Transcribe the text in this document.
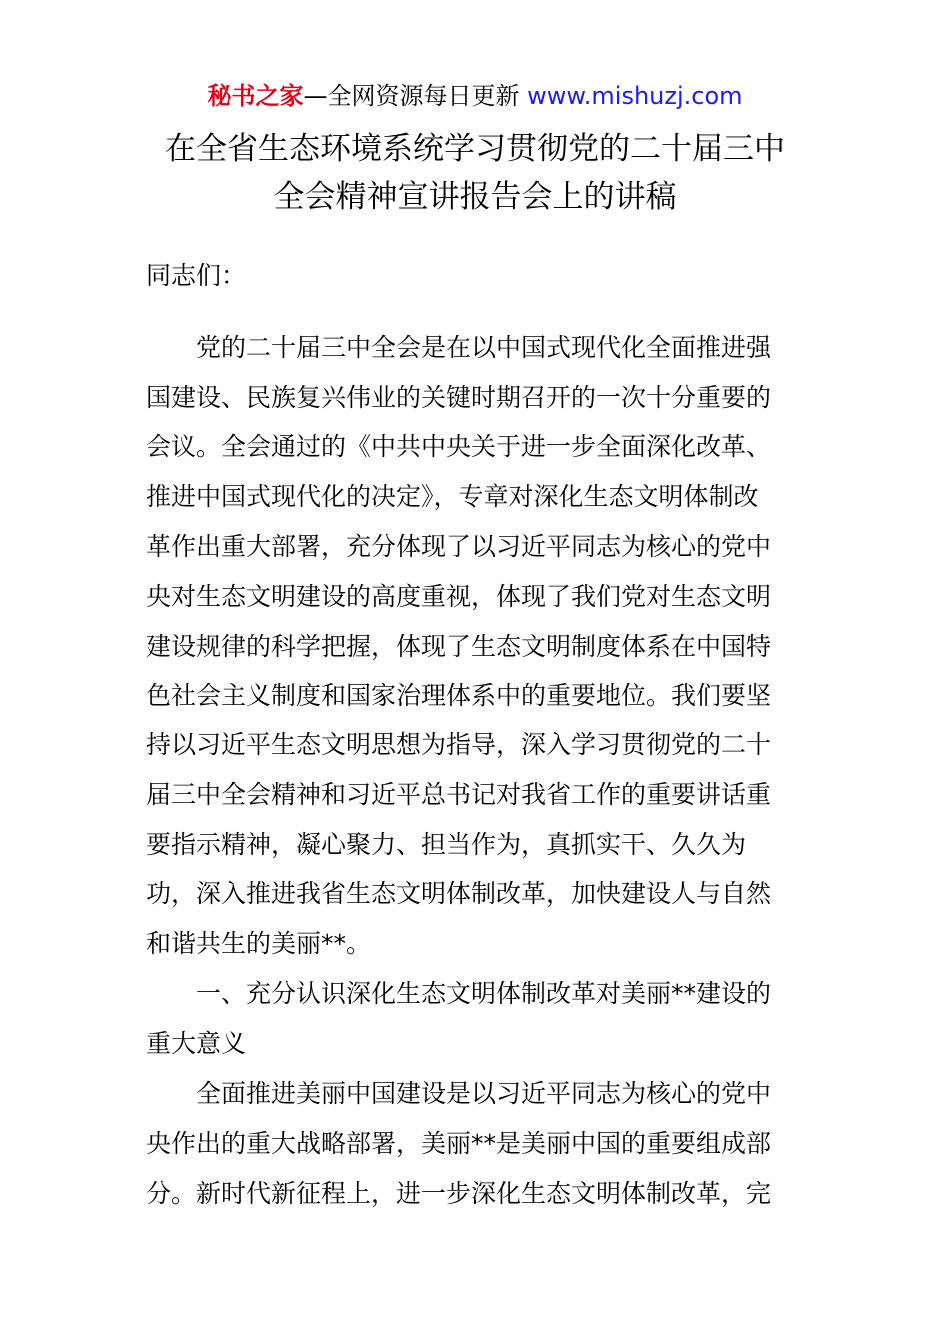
秘书之家—全网资源每日更新 www.mishuzj.com
在全省生态环境系统学习贯彻党的二十届三中
全会精神宣讲报告会上的讲稿
同志们：
党的二十届三中全会是在以中国式现代化全面推进强
国建设、民族复兴伟业的关键时期召开的一次十分重要的
会议。全会通过的《中共中央关于进一步全面深化改革、
推进中国式现代化的决定》，专章对深化生态文明体制改
革作出重大部署，充分体现了以习近平同志为核心的党中
央对生态文明建设的高度重视，体现了我们党对生态文明
建设规律的科学把握，体现了生态文明制度体系在中国特
色社会主义制度和国家治理体系中的重要地位。我们要坚
持以习近平生态文明思想为指导，深入学习贯彻党的二十
届三中全会精神和习近平总书记对我省工作的重要讲话重
要指示精神，凝心聚力、担当作为，真抓实干、久久为
功，深入推进我省生态文明体制改革，加快建设人与自然
和谐共生的美丽**。
一、充分认识深化生态文明体制改革对美丽**建设的
重大意义
全面推进美丽中国建设是以习近平同志为核心的党中
央作出的重大战略部署，美丽**是美丽中国的重要组成部
分。新时代新征程上，进一步深化生态文明体制改革，完
